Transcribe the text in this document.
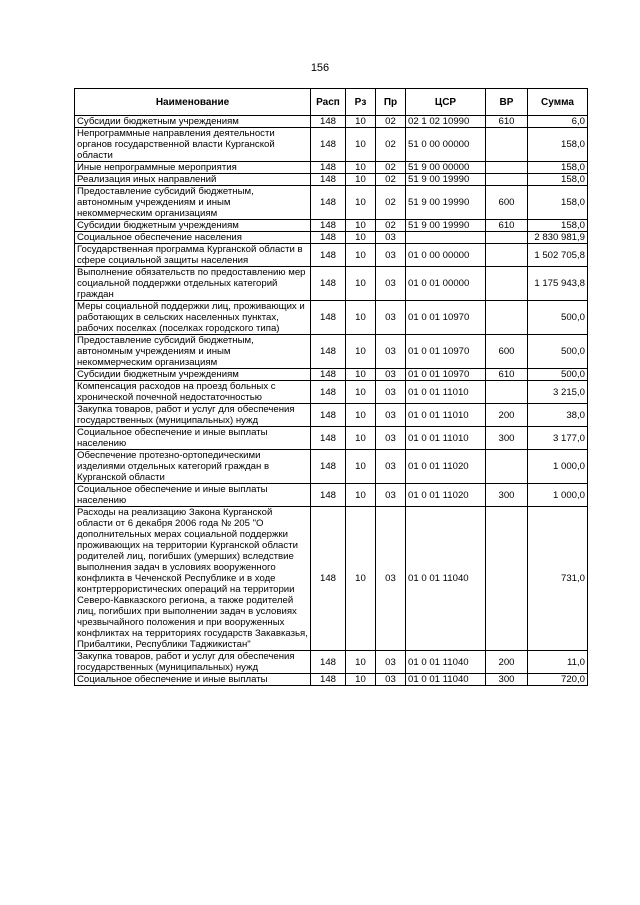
156
Наименование	Расп	Рз	Пр	ЦСР	ВР	Сумма
Субсидии бюджетным учреждениям	148	10	02	02 1 02 10990	610	6,0
Непрограммные направления деятельности органов государственной власти Курганской области	148	10	02	51 0 00 00000		158,0
Иные непрограммные мероприятия	148	10	02	51 9 00 00000		158,0
Реализация иных направлений	148	10	02	51 9 00 19990		158,0
Предоставление субсидий бюджетным, автономным учреждениям и иным некоммерческим организациям	148	10	02	51 9 00 19990	600	158,0
Субсидии бюджетным учреждениям	148	10	02	51 9 00 19990	610	158,0
Социальное обеспечение населения	148	10	03			2 830 981,9
Государственная программа Курганской области в сфере социальной защиты населения	148	10	03	01 0 00 00000		1 502 705,8
Выполнение обязательств по предоставлению мер социальной поддержки отдельных категорий граждан	148	10	03	01 0 01 00000		1 175 943,8
Меры социальной поддержки лиц, проживающих и работающих в сельских населенных пунктах, рабочих поселках (поселках городского типа)	148	10	03	01 0 01 10970		500,0
Предоставление субсидий бюджетным, автономным учреждениям и иным некоммерческим организациям	148	10	03	01 0 01 10970	600	500,0
Субсидии бюджетным учреждениям	148	10	03	01 0 01 10970	610	500,0
Компенсация расходов на проезд больных с хронической почечной недостаточностью	148	10	03	01 0 01 11010		3 215,0
Закупка товаров, работ и услуг для обеспечения государственных (муниципальных) нужд	148	10	03	01 0 01 11010	200	38,0
Социальное обеспечение и иные выплаты населению	148	10	03	01 0 01 11010	300	3 177,0
Обеспечение протезно-ортопедическими изделиями отдельных категорий граждан в Курганской области	148	10	03	01 0 01 11020		1 000,0
Социальное обеспечение и иные выплаты населению	148	10	03	01 0 01 11020	300	1 000,0
Расходы на реализацию Закона Курганской области от 6 декабря 2006 года № 205 "О дополнительных мерах социальной поддержки проживающих на территории Курганской области родителей лиц, погибших (умерших) вследствие выполнения задач в условиях вооруженного конфликта в Чеченской Республике и в ходе контртеррористических операций на территории Северо-Кавказского региона, а также родителей лиц, погибших при выполнении задач в условиях чрезвычайного положения и при вооруженных конфликтах на территориях государств Закавказья, Прибалтики, Республики Таджикистан"	148	10	03	01 0 01 11040		731,0
Закупка товаров, работ и услуг для обеспечения государственных (муниципальных) нужд	148	10	03	01 0 01 11040	200	11,0
Социальное обеспечение и иные выплаты	148	10	03	01 0 01 11040	300	720,0
